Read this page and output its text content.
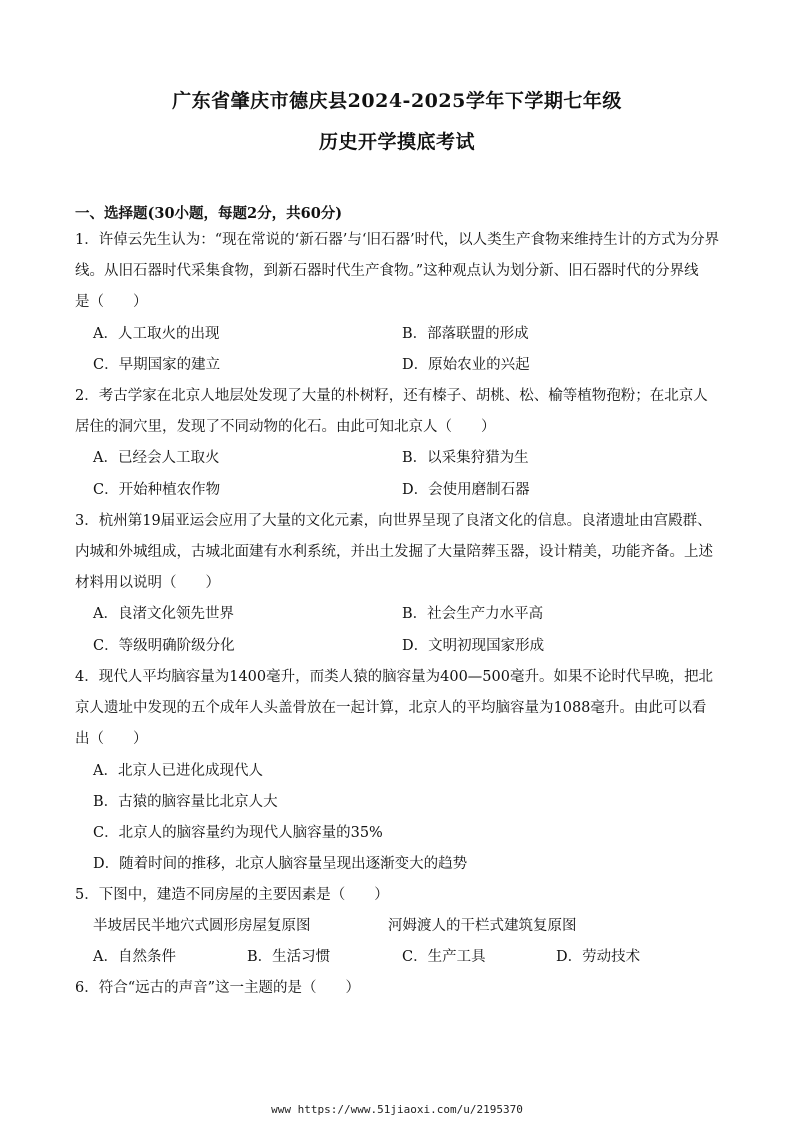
广东省肇庆市德庆县2024-2025学年下学期七年级
历史开学摸底考试
一、选择题(30小题，每题2分，共60分)
1．许倬云先生认为：“现在常说的‘新石器’与‘旧石器’时代，以人类生产食物来维持生计的方式为分界
线。从旧石器时代采集食物，到新石器时代生产食物。”这种观点认为划分新、旧石器时代的分界线
是（　　）
A．人工取火的出现	B．部落联盟的形成
C．早期国家的建立	D．原始农业的兴起
2．考古学家在北京人地层处发现了大量的朴树籽，还有榛子、胡桃、松、榆等植物孢粉；在北京人
居住的洞穴里，发现了不同动物的化石。由此可知北京人（　　）
A．已经会人工取火	B．以采集狩猎为生
C．开始种植农作物	D．会使用磨制石器
3．杭州第19届亚运会应用了大量的文化元素，向世界呈现了良渚文化的信息。良渚遗址由宫殿群、
内城和外城组成，古城北面建有水利系统，并出土发掘了大量陪葬玉器，设计精美，功能齐备。上述
材料用以说明（　　）
A．良渚文化领先世界	B．社会生产力水平高
C．等级明确阶级分化	D．文明初现国家形成
4．现代人平均脑容量为1400毫升，而类人猿的脑容量为400—500毫升。如果不论时代早晚，把北
京人遗址中发现的五个成年人头盖骨放在一起计算，北京人的平均脑容量为1088毫升。由此可以看
出（　　）
A．北京人已进化成现代人
B．古猿的脑容量比北京人大
C．北京人的脑容量约为现代人脑容量的35%
D．随着时间的推移，北京人脑容量呈现出逐渐变大的趋势
5．下图中，建造不同房屋的主要因素是（　　）
半坡居民半地穴式圆形房屋复原图	河姆渡人的干栏式建筑复原图
A．自然条件	B．生活习惯	C．生产工具	D．劳动技术
6．符合“远古的声音”这一主题的是（　　）
www https://www.51jiaoxi.com/u/2195370
